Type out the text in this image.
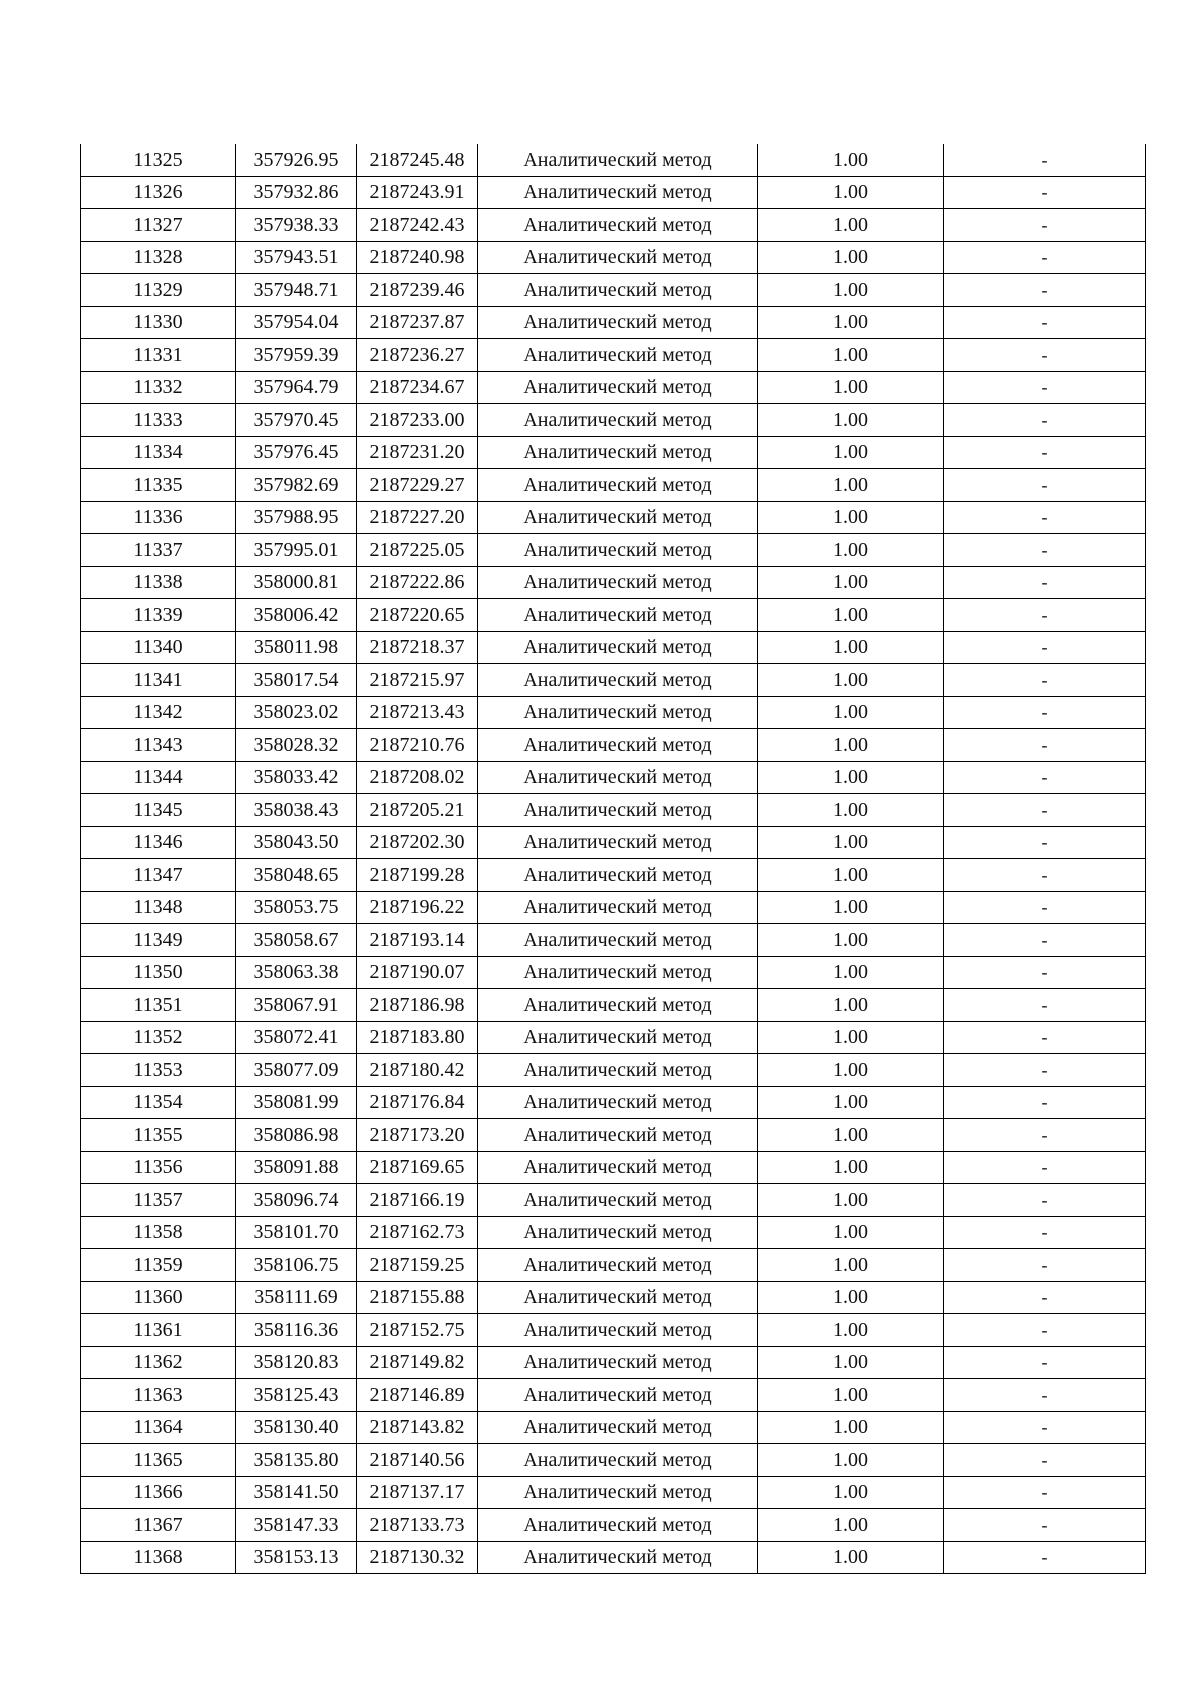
11325	357926.95	2187245.48	Аналитический метод	1.00	-
11326	357932.86	2187243.91	Аналитический метод	1.00	-
11327	357938.33	2187242.43	Аналитический метод	1.00	-
11328	357943.51	2187240.98	Аналитический метод	1.00	-
11329	357948.71	2187239.46	Аналитический метод	1.00	-
11330	357954.04	2187237.87	Аналитический метод	1.00	-
11331	357959.39	2187236.27	Аналитический метод	1.00	-
11332	357964.79	2187234.67	Аналитический метод	1.00	-
11333	357970.45	2187233.00	Аналитический метод	1.00	-
11334	357976.45	2187231.20	Аналитический метод	1.00	-
11335	357982.69	2187229.27	Аналитический метод	1.00	-
11336	357988.95	2187227.20	Аналитический метод	1.00	-
11337	357995.01	2187225.05	Аналитический метод	1.00	-
11338	358000.81	2187222.86	Аналитический метод	1.00	-
11339	358006.42	2187220.65	Аналитический метод	1.00	-
11340	358011.98	2187218.37	Аналитический метод	1.00	-
11341	358017.54	2187215.97	Аналитический метод	1.00	-
11342	358023.02	2187213.43	Аналитический метод	1.00	-
11343	358028.32	2187210.76	Аналитический метод	1.00	-
11344	358033.42	2187208.02	Аналитический метод	1.00	-
11345	358038.43	2187205.21	Аналитический метод	1.00	-
11346	358043.50	2187202.30	Аналитический метод	1.00	-
11347	358048.65	2187199.28	Аналитический метод	1.00	-
11348	358053.75	2187196.22	Аналитический метод	1.00	-
11349	358058.67	2187193.14	Аналитический метод	1.00	-
11350	358063.38	2187190.07	Аналитический метод	1.00	-
11351	358067.91	2187186.98	Аналитический метод	1.00	-
11352	358072.41	2187183.80	Аналитический метод	1.00	-
11353	358077.09	2187180.42	Аналитический метод	1.00	-
11354	358081.99	2187176.84	Аналитический метод	1.00	-
11355	358086.98	2187173.20	Аналитический метод	1.00	-
11356	358091.88	2187169.65	Аналитический метод	1.00	-
11357	358096.74	2187166.19	Аналитический метод	1.00	-
11358	358101.70	2187162.73	Аналитический метод	1.00	-
11359	358106.75	2187159.25	Аналитический метод	1.00	-
11360	358111.69	2187155.88	Аналитический метод	1.00	-
11361	358116.36	2187152.75	Аналитический метод	1.00	-
11362	358120.83	2187149.82	Аналитический метод	1.00	-
11363	358125.43	2187146.89	Аналитический метод	1.00	-
11364	358130.40	2187143.82	Аналитический метод	1.00	-
11365	358135.80	2187140.56	Аналитический метод	1.00	-
11366	358141.50	2187137.17	Аналитический метод	1.00	-
11367	358147.33	2187133.73	Аналитический метод	1.00	-
11368	358153.13	2187130.32	Аналитический метод	1.00	-
